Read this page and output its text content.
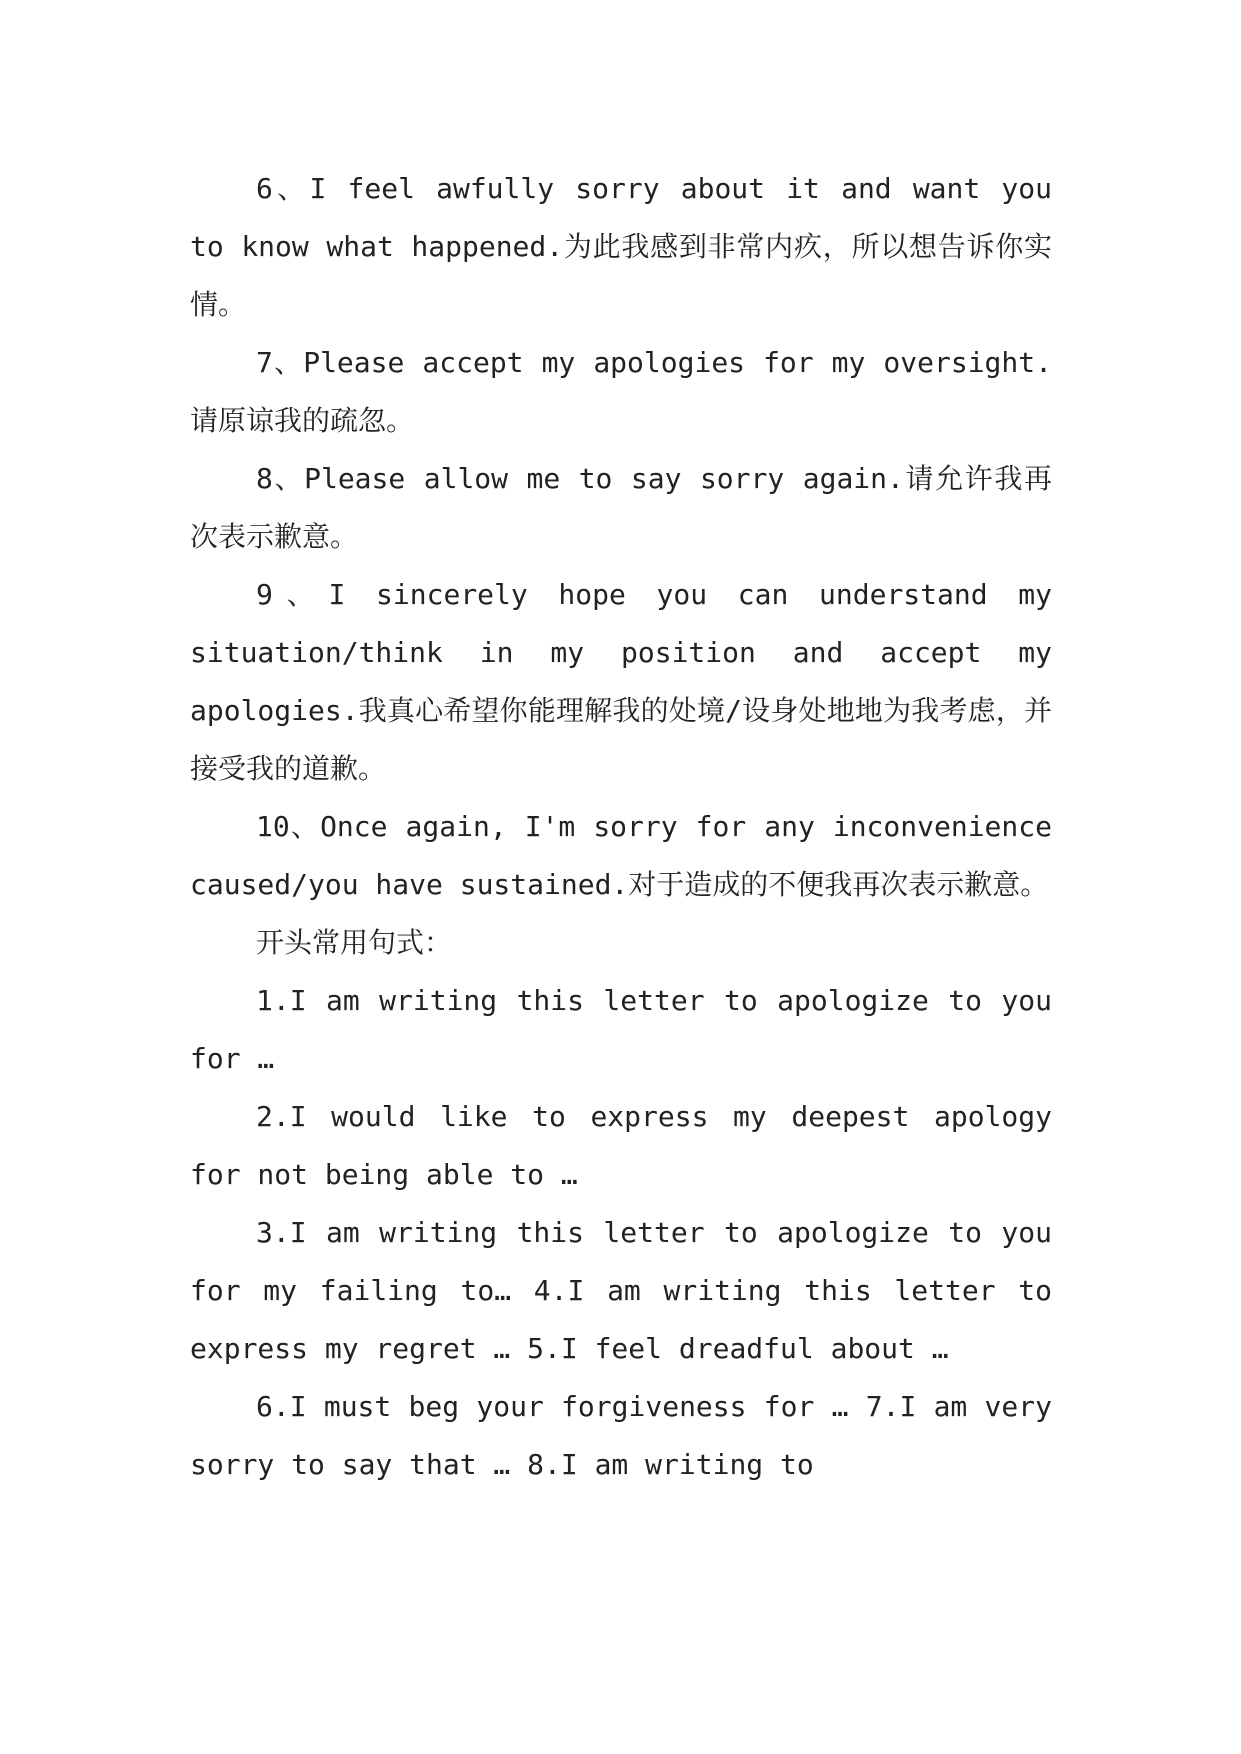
6、I feel awfully sorry about it and want you to know what happened.为此我感到非常内疚，所以想告诉你实情。

7、Please accept my apologies for my oversight.请原谅我的疏忽。

8、Please allow me to say sorry again.请允许我再次表示歉意。

9、I sincerely hope you can understand my situation/think in my position and accept my apologies.我真心希望你能理解我的处境/设身处地地为我考虑，并接受我的道歉。

10、Once again, I'm sorry for any inconvenience caused/you have sustained.对于造成的不便我再次表示歉意。

开头常用句式：

1.I am writing this letter to apologize to you for …

2.I would like to express my deepest apology for not being able to …

3.I am writing this letter to apologize to you for my failing to… 4.I am writing this letter to express my regret … 5.I feel dreadful about …

6.I must beg your forgiveness for … 7.I am very sorry to say that … 8.I am writing to
